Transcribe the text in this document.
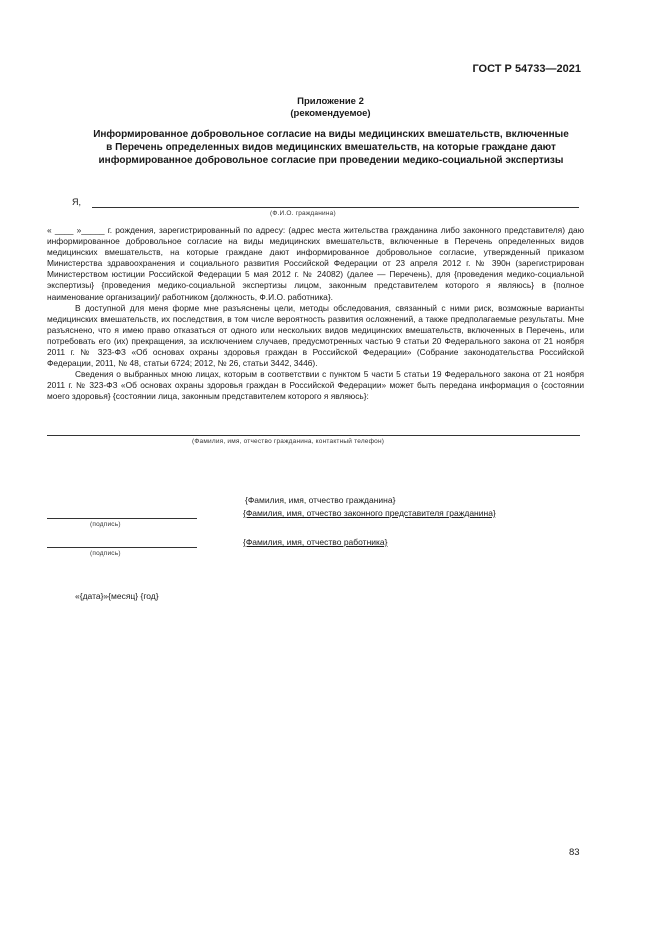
ГОСТ Р 54733—2021
Приложение 2
(рекомендуемое)
Информированное добровольное согласие на виды медицинских вмешательств, включенные
в Перечень определенных видов медицинских вмешательств, на которые граждане дают
информированное добровольное согласие при проведении медико-социальной экспертизы
Я,
(Ф.И.О. гражданина)

« ____ »_____ г. рождения, зарегистрированный по адресу: (адрес места жительства гражданина либо законного представителя) даю информированное добровольное согласие на виды медицинских вмешательств, включенные в Перечень определенных видов медицинских вмешательств, на которые граждане дают информированное добровольное согласие, утвержденный приказом Министерства здравоохранения и социального развития Российской Федерации от 23 апреля 2012 г. № 390н (зарегистрирован Министерством юстиции Российской Федерации 5 мая 2012 г. № 24082) (далее — Перечень), для {проведения медико-социальной экспертизы} {проведения медико-социальной экспертизы лицом, законным представителем которого я являюсь} в {полное наименование организации}/ работником {должность, Ф.И.О. работника}.

В доступной для меня форме мне разъяснены цели, методы обследования, связанный с ними риск, возможные варианты медицинских вмешательств, их последствия, в том числе вероятность развития осложнений, а также предполагаемые результаты. Мне разъяснено, что я имею право отказаться от одного или нескольких видов медицинских вмешательств, включенных в Перечень, или потребовать его (их) прекращения, за исключением случаев, предусмотренных частью 9 статьи 20 Федерального закона от 21 ноября 2011 г. № 323-ФЗ «Об основах охраны здоровья граждан в Российской Федерации» (Собрание законодательства Российской Федерации, 2011, № 48, статьи 6724; 2012, № 26, статьи 3442, 3446).

Сведения о выбранных мною лицах, которым в соответствии с пунктом 5 части 5 статьи 19 Федерального закона от 21 ноября 2011 г. № 323-ФЗ «Об основах охраны здоровья граждан в Российской Федерации» может быть передана информация о {состоянии моего здоровья} {состоянии лица, законным представителем которого я являюсь}:

(Фамилия, имя, отчество гражданина, контактный телефон)
{Фамилия, имя, отчество гражданина}
{Фамилия, имя, отчество законного представителя гражданина}
(подпись)
{Фамилия, имя, отчество работника}
(подпись)
«{дата}»{месяц} {год}
83
